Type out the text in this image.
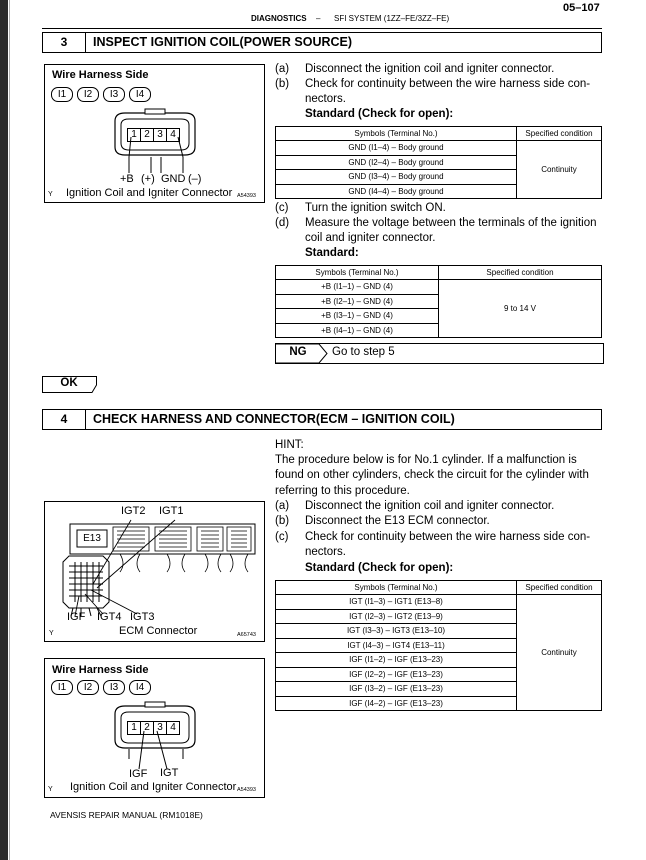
05–107
DIAGNOSTICS – SFI SYSTEM (1ZZ–FE/3ZZ–FE)
3	INSPECT IGNITION COIL(POWER SOURCE)
Wire Harness Side
I1	I2	I3	I4
1 2 3 4
+B (+) GND (–)
Y Ignition Coil and Igniter Connector A54393
(a) Disconnect the ignition coil and igniter connector.
(b) Check for continuity between the wire harness side con-
nectors.
Standard (Check for open):
Symbols (Terminal No.)	Specified condition
GND (I1–4) – Body ground	Continuity
GND (I2–4) – Body ground	
GND (I3–4) – Body ground	
GND (I4–4) – Body ground	
(c) Turn the ignition switch ON.
(d) Measure the voltage between the terminals of the ignition
coil and igniter connector.
Standard:
Symbols (Terminal No.)	Specified condition
+B (I1–1) – GND (4)	9 to 14 V
+B (I2–1) – GND (4)	
+B (I3–1) – GND (4)	
+B (I4–1) – GND (4)	
NG	Go to step 5
OK
4	CHECK HARNESS AND CONNECTOR(ECM – IGNITION COIL)
HINT:
The procedure below is for No.1 cylinder. If a malfunction is
found on other cylinders, check the circuit for the cylinder with
referring to this procedure.
(a) Disconnect the ignition coil and igniter connector.
(b) Disconnect the E13 ECM connector.
(c) Check for continuity between the wire harness side con-
nectors.
Standard (Check for open):
E13
IGT2 IGT1
IGF IGT4 IGT3
Y	ECM Connector	A65743
Wire Harness Side
I1	I2	I3	I4
1 2 3 4
IGF IGT
Y Ignition Coil and Igniter Connector A54393
Symbols (Terminal No.)	Specified condition
IGT (I1–3) – IGT1 (E13–8)	Continuity
IGT (I2–3) – IGT2 (E13–9)	
IGT (I3–3) – IGT3 (E13–10)	
IGT (I4–3) – IGT4 (E13–11)	
IGF (I1–2) – IGF (E13–23)	
IGF (I2–2) – IGF (E13–23)	
IGF (I3–2) – IGF (E13–23)	
IGF (I4–2) – IGF (E13–23)	
AVENSIS REPAIR MANUAL (RM1018E)
